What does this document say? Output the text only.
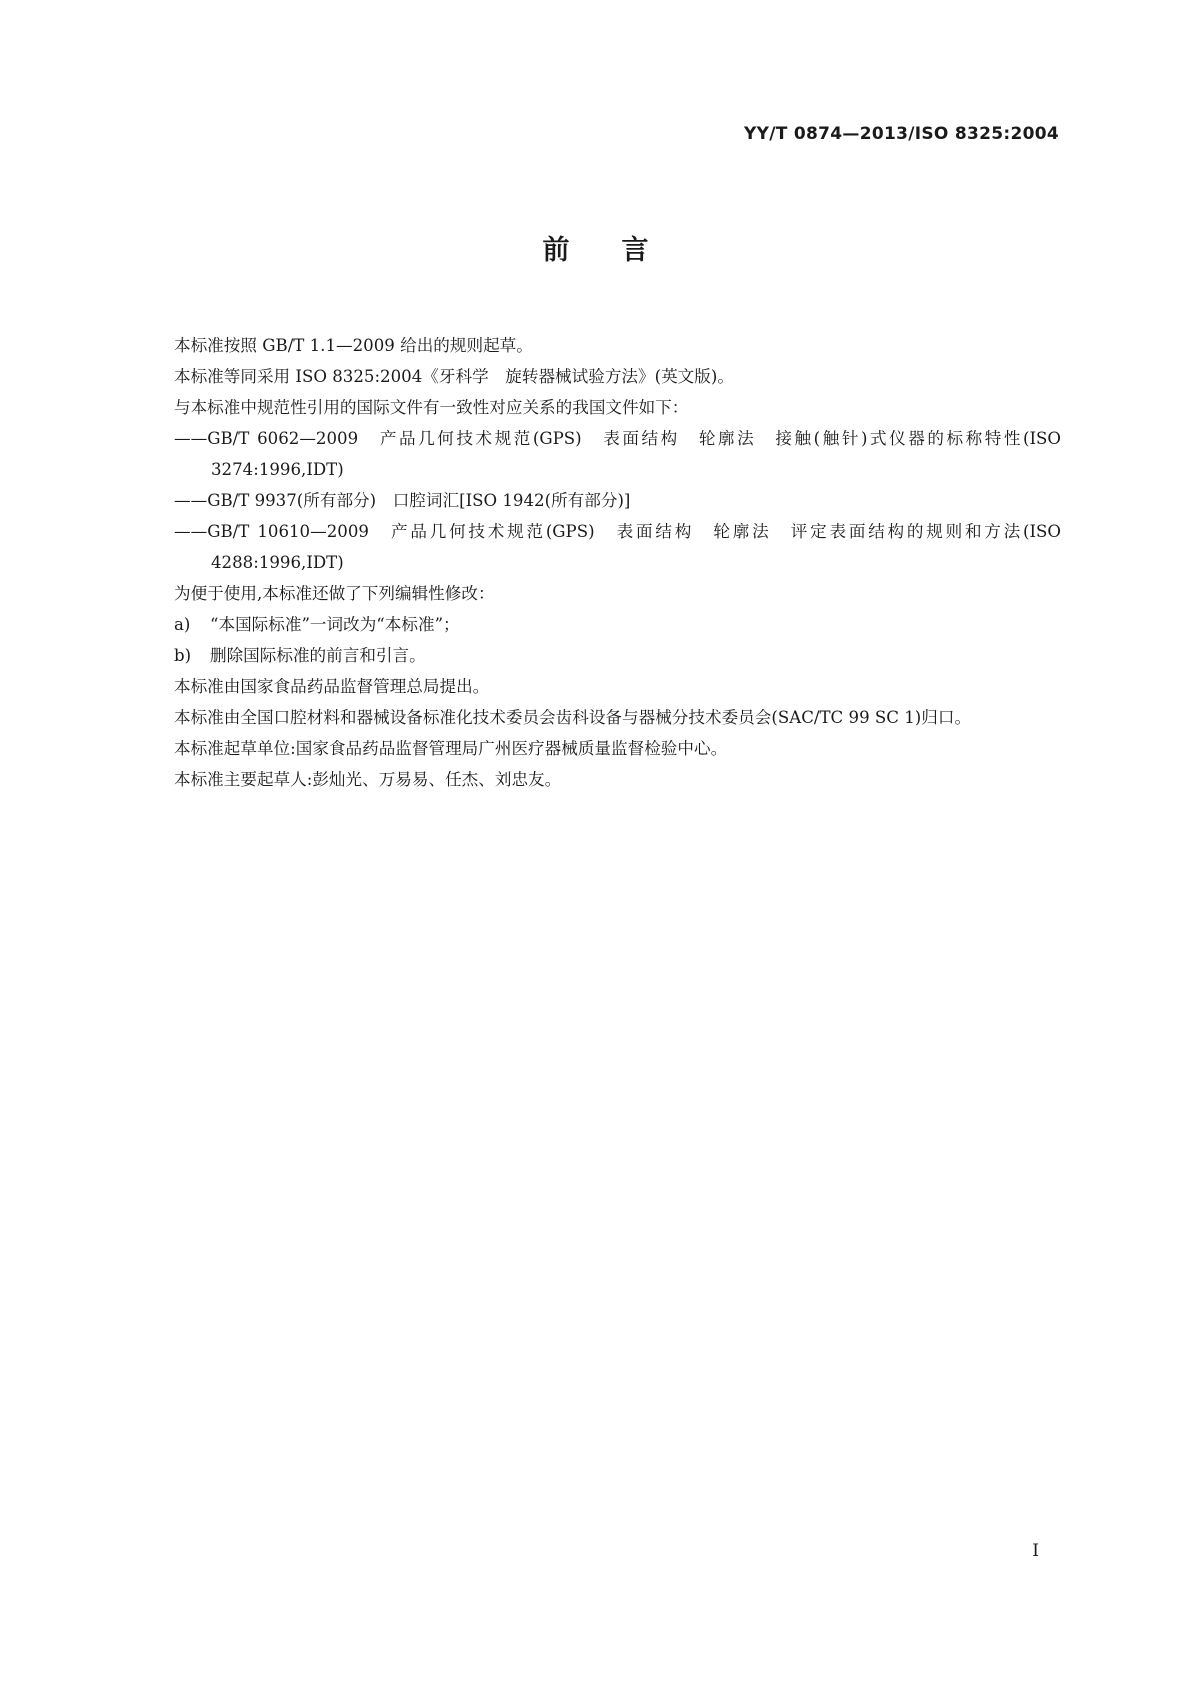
YY/T 0874—2013/ISO 8325:2004
前言

本标准按照 GB/T 1.1—2009 给出的规则起草。

本标准等同采用 ISO 8325:2004《牙科学　旋转器械试验方法》(英文版)。

与本标准中规范性引用的国际文件有一致性对应关系的我国文件如下：

——GB/T 6062—2009　产品几何技术规范(GPS)　表面结构　轮廓法　接触(触针)式仪器的标称特性(ISO 3274:1996,IDT)

——GB/T 9937(所有部分)　口腔词汇[ISO 1942(所有部分)]

——GB/T 10610—2009　产品几何技术规范(GPS)　表面结构　轮廓法　评定表面结构的规则和方法(ISO 4288:1996,IDT)

为便于使用,本标准还做了下列编辑性修改：

a) “本国际标准”一词改为“本标准”；

b) 删除国际标准的前言和引言。

本标准由国家食品药品监督管理总局提出。

本标准由全国口腔材料和器械设备标准化技术委员会齿科设备与器械分技术委员会(SAC/TC 99 SC 1)归口。

本标准起草单位:国家食品药品监督管理局广州医疗器械质量监督检验中心。

本标准主要起草人:彭灿光、万易易、任杰、刘忠友。

I
